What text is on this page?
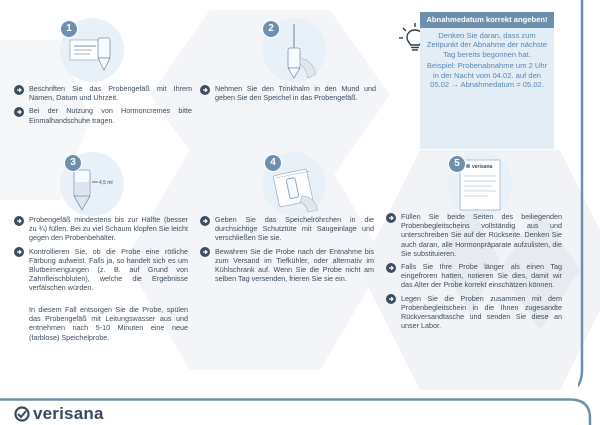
1
Beschriften Sie das Probengefäß mit Ihrem Namen, Datum und Uhrzeit.
Bei der Nutzung von Hormoncremes bitte Einmalhandschuhe tragen.
2
Nehmen Sie den Trinkhalm in den Mund und geben Sie den Speichel in das Probengefäß.
Abnahmedatum korrekt angeben!

Denken Sie daran, dass zum Zeitpunkt der Abnahme der nächste Tag bereits begonnen hat.

Beispiel: Probenabnahme um 2 Uhr in der Nacht vom 04.02. auf den 05.02 → Abnahmedatum = 05.02.

4,5 ml
3
Probengefäß mindestens bis zur Hälfte (besser zu ¾) füllen. Bei zu viel Schaum klopfen Sie leicht gegen den Probenbehälter.
Kontrollieren Sie, ob die Probe eine rötliche Färbung aufweist. Falls ja, so handelt sich es um Blutbeimengungen (z. B. auf Grund von Zahnfleischbluten), welche die Ergebnisse verfälschen würden.

In diesem Fall entsorgen Sie die Probe, spülen das Probengefäß mit Leitungswasser aus und entnehmen nach 5-10 Minuten eine neue (farblose) Speichelprobe.

4
Geben Sie das Speichelröhrchen in die durchsichtige Schutztüte mit Saugeinlage und verschließen Sie sie.
Bewahren Sie die Probe nach der Entnahme bis zum Versand im Tiefkühler, oder alternativ im Kühlschrank auf. Wenn Sie die Probe nicht am selben Tag versenden, frieren Sie sie ein.
verisana
5
Füllen Sie beide Seiten des beiliegenden Probenbegleitscheins vollständig aus und unterschreiben Sie auf der Rückseite. Denken Sie auch daran, alle Hormonpräparate aufzulisten, die Sie substituieren.
Falls Sie Ihre Probe länger als einen Tag eingefroren hatten, notieren Sie dies, damit wir das Alter der Probe korrekt einschätzen können.
Legen Sie die Proben zusammen mit dem Probenbegleitschein in die Ihnen zugesandte Rückversandtasche und senden Sie diese an unser Labor.
verisana
